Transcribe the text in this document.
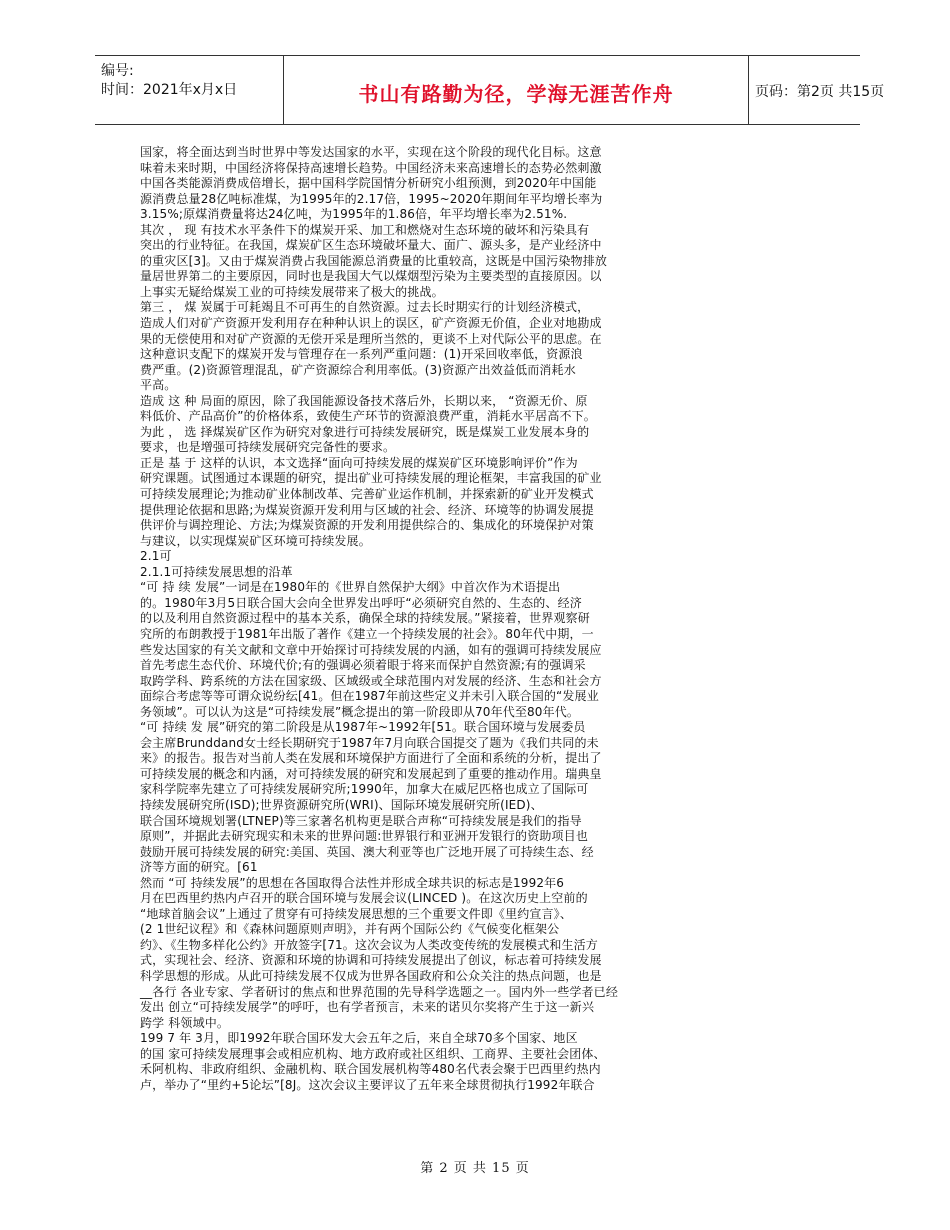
编号:
时间：2021年x月x日	书山有路勤为径，学海无涯苦作舟	页码：第2页 共15页
国家，将全面达到当时世界中等发达国家的水平，实现在这个阶段的现代化目标。这意
味着未来时期，中国经济将保持高速增长趋势。中国经济未来高速增长的态势必然刺激
中国各类能源消费成倍增长，据中国科学院国情分析研究小组预测，到2020年中国能
源消费总量28亿吨标准煤，为1995年的2.17倍，1995~2020年期间年平均增长率为
3.15%;原煤消费量将达24亿吨，为1995年的1.86倍，年平均增长率为2.51%.
其次 ， 现 有技术水平条件下的煤炭开采、加工和燃烧对生态环境的破坏和污染具有
突出的行业特征。在我国，煤炭矿区生态环境破坏量大、面广、源头多，是产业经济中
的重灾区[3]。又由于煤炭消费占我国能源总消费量的比重较高，这既是中国污染物排放
量居世界第二的主要原因，同时也是我国大气以煤烟型污染为主要类型的直接原因。以
上事实无疑给煤炭工业的可持续发展带来了极大的挑战。
第三 ， 煤 炭属于可耗竭且不可再生的自然资源。过去长时期实行的计划经济模式，
造成人们对矿产资源开发利用存在种种认识上的误区，矿产资源无价值，企业对地勘成
果的无偿使用和对矿产资源的无偿开采是理所当然的，更谈不上对代际公平的思虑。在
这种意识支配下的煤炭开发与管理存在一系列严重问题：(1)开采回收率低，资源浪
费严重。(2)资源管理混乱，矿产资源综合利用率低。(3)资源产出效益低而消耗水
平高。
造成 这 种 局面的原因，除了我国能源设备技术落后外，长期以来， “资源无价、原
料低价、产品高价”的价格体系，致使生产环节的资源浪费严重，消耗水平居高不下。
为此 ， 选 择煤炭矿区作为研究对象进行可持续发展研究，既是煤炭工业发展本身的
要求，也是增强可持续发展研究完备性的要求。
正是 基 于 这样的认识，本文选择“面向可持续发展的煤炭矿区环境影响评价”作为
研究课题。试图通过本课题的研究，提出矿业可持续发展的理论框架，丰富我国的矿业
可持续发展理论;为推动矿业体制改革、完善矿业运作机制，并探索新的矿业开发模式
提供理论依据和思路;为煤炭资源开发利用与区域的社会、经济、环境等的协调发展提
供评价与调控理论、方法;为煤炭资源的开发利用提供综合的、集成化的环境保护对策
与建议，以实现煤炭矿区环境可持续发展。
2.1可
2.1.1可持续发展思想的沿革
“可 持 续 发展”一词是在1980年的《世界自然保护大纲》中首次作为术语提出
的。1980年3月5日联合国大会向全世界发出呼吁“必须研究自然的、生态的、经济
的以及利用自然资源过程中的基本关系，确保全球的持续发展。”紧接着，世界观察研
究所的布朗教授于1981年出版了著作《建立一个持续发展的社会》。80年代中期，一
些发达国家的有关文献和文章中开始探讨可持续发展的内涵，如有的强调可持续发展应
首先考虑生态代价、环境代价;有的强调必须着眼于将来而保护自然资源;有的强调采
取跨学科、跨系统的方法在国家级、区域级或全球范围内对发展的经济、生态和社会方
面综合考虑等等可谓众说纷纭[41。但在1987年前这些定义并未引入联合国的“发展业
务领域”。可以认为这是“可持续发展”概念提出的第一阶段即从70年代至80年代。
“可 持续 发 展”研究的第二阶段是从1987年~1992年[51。联合国环境与发展委员
会主席Brunddand女士经长期研究于1987年7月向联合国提交了题为《我们共同的未
来》的报告。报告对当前人类在发展和环境保护方面进行了全面和系统的分析，提出了
可持续发展的概念和内涵，对可持续发展的研究和发展起到了重要的推动作用。瑞典皇
家科学院率先建立了可持续发展研究所;1990年，加拿大在威尼匹格也成立了国际可
持续发展研究所(ISD);世界资源研究所(WRI)、国际环境发展研究所(IED)、
联合国环境规划署(LTNEP)等三家著名机构更是联合声称“可持续发展是我们的指导
原则”，并据此去研究现实和未来的世界问题:世界银行和亚洲开发银行的资助项目也
鼓励开展可持续发展的研究:美国、英国、澳大利亚等也广泛地开展了可持续生态、经
济等方面的研究。[61
然而 “可 持续发展”的思想在各国取得合法性并形成全球共识的标志是1992年6
月在巴西里约热内卢召开的联合国环境与发展会议(LINCED )。在这次历史上空前的
“地球首脑会议”上通过了贯穿有可持续发展思想的三个重要文件即《里约宣言》、
(2 1世纪议程》和《森林问题原则声明》，并有两个国际公约《气候变化框架公
约》、《生物多样化公约》开放签字[71。这次会议为人类改变传统的发展模式和生活方
式，实现社会、经济、资源和环境的协调和可持续发展提出了创议，标志着可持续发展
科学思想的形成。从此可持续发展不仅成为世界各国政府和公众关注的热点问题，也是
__各行 各业专家、学者研讨的焦点和世界范围的先导科学选题之一。国内外一些学者已经
发出 创立“可持续发展学”的呼吁，也有学者预言，未来的诺贝尔奖将产生于这一新兴
跨学 科领域中。
199 7 年 3月，即1992年联合国环发大会五年之后，来自全球70多个国家、地区
的国 家可持续发展理事会或相应机构、地方政府或社区组织、工商界、主要社会团体、
禾阿机构、非政府组织、金融机构、联合国发展机构等480名代表会聚于巴西里约热内
卢，举办了“里约+5论坛”[8J。这次会议主要评议了五年来全球贯彻执行1992年联合
第 2 页 共 15 页
